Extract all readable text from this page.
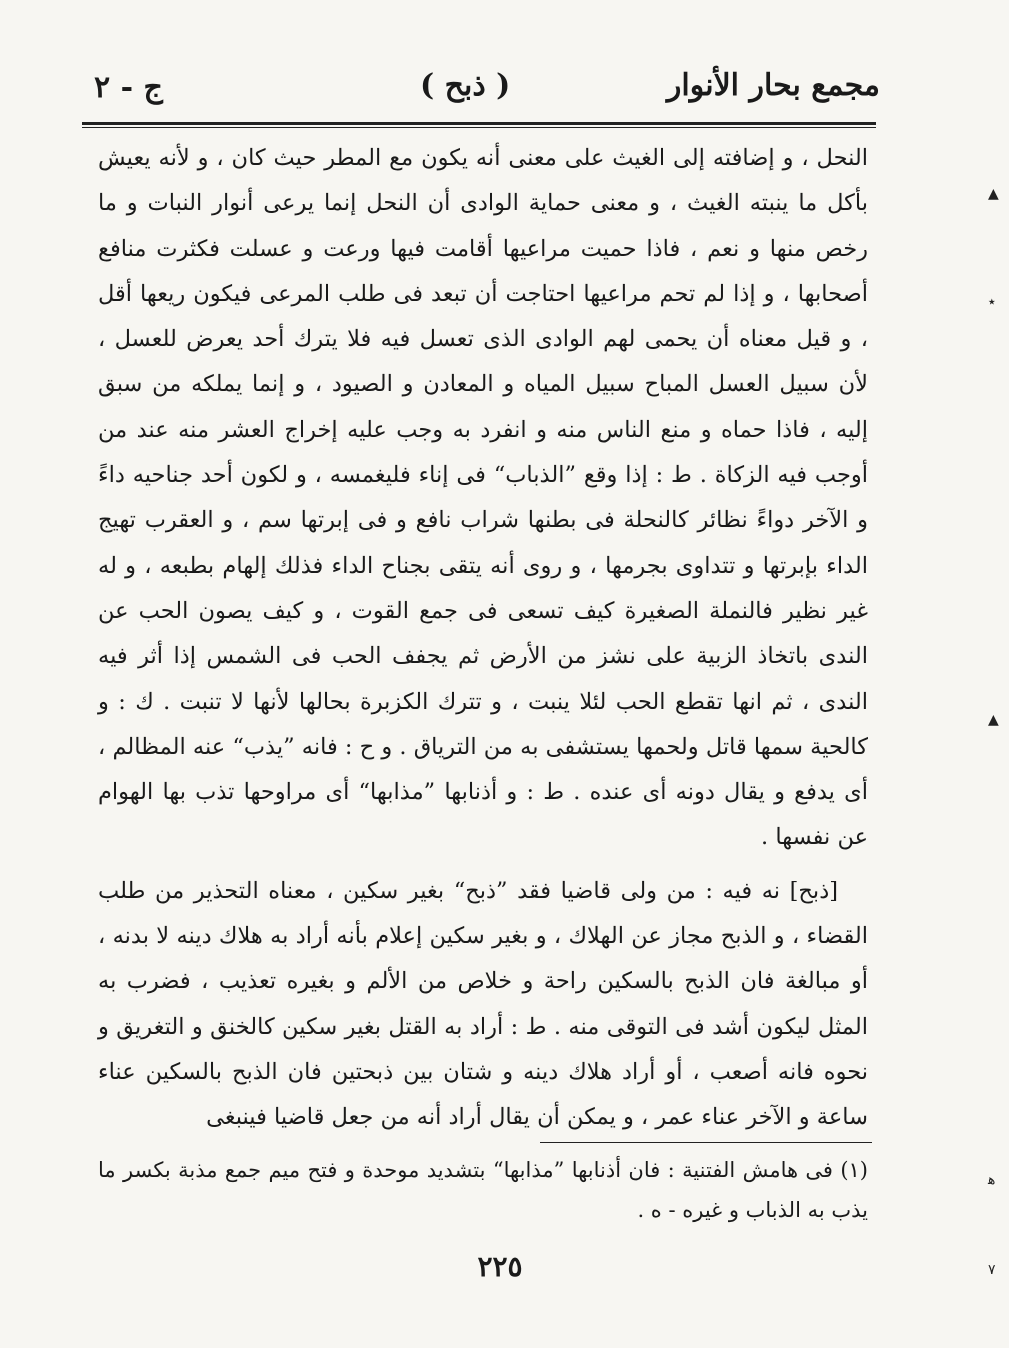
مجمع بحار الأنوار
( ذبح )
ج - ٢

النحل ، و إضافته إلى الغيث على معنى أنه يكون مع المطر حيث كان ، و لأنه يعيش بأكل ما ينبته الغيث ، و معنى حماية الوادى أن النحل إنما يرعى أنوار النبات و ما رخص منها و نعم ، فاذا حميت مراعيها أقامت فيها ورعت و عسلت فكثرت منافع أصحابها ، و إذا لم تحم مراعيها احتاجت أن تبعد فى طلب المرعى فيكون ريعها أقل ، و قيل معناه أن يحمى لهم الوادى الذى تعسل فيه فلا يترك أحد يعرض للعسل ، لأن سبيل العسل المباح سبيل المياه و المعادن و الصيود ، و إنما يملكه من سبق إليه ، فاذا حماه و منع الناس منه و انفرد به وجب عليه إخراج العشر منه عند من أوجب فيه الزكاة . ط : إذا وقع ”الذباب“ فى إناء فليغمسه ، و لكون أحد جناحيه داءً و الآخر دواءً نظائر كالنحلة فى بطنها شراب نافع و فى إبرتها سم ، و العقرب تهيج الداء بإبرتها و تتداوى بجرمها ، و روى أنه يتقى بجناح الداء فذلك إلهام بطبعه ، و له غير نظير فالنملة الصغيرة كيف تسعى فى جمع القوت ، و كيف يصون الحب عن الندى باتخاذ الزبية على نشز من الأرض ثم يجفف الحب فى الشمس إذا أثر فيه الندى ، ثم انها تقطع الحب لئلا ينبت ، و تترك الكزبرة بحالها لأنها لا تنبت . ك : و كالحية سمها قاتل ولحمها يستشفى به من الترياق . و ح : فانه ”يذب“ عنه المظالم ، أى يدفع و يقال دونه أى عنده . ط : و أذنابها ”مذابها“ أى مراوحها تذب بها الهوام عن نفسها .

[ذبح] نه فيه : من ولى قاضيا فقد ”ذبح“ بغير سكين ، معناه التحذير من طلب القضاء ، و الذبح مجاز عن الهلاك ، و بغير سكين إعلام بأنه أراد به هلاك دينه لا بدنه ، أو مبالغة فان الذبح بالسكين راحة و خلاص من الألم و بغيره تعذيب ، فضرب به المثل ليكون أشد فى التوقى منه . ط : أراد به القتل بغير سكين كالخنق و التغريق و نحوه فانه أصعب ، أو أراد هلاك دينه و شتان بين ذبحتين فان الذبح بالسكين عناء ساعة و الآخر عناء عمر ، و يمكن أن يقال أراد أنه من جعل قاضيا فينبغى

(١) فى هامش الفتنية : فان أذنابها ”مذابها“ بتشديد موحدة و فتح ميم جمع مذبة بكسر ما يذب به الذباب و غيره - ه .

٢٢٥
▲
٭
▲
ﻫ
٧
